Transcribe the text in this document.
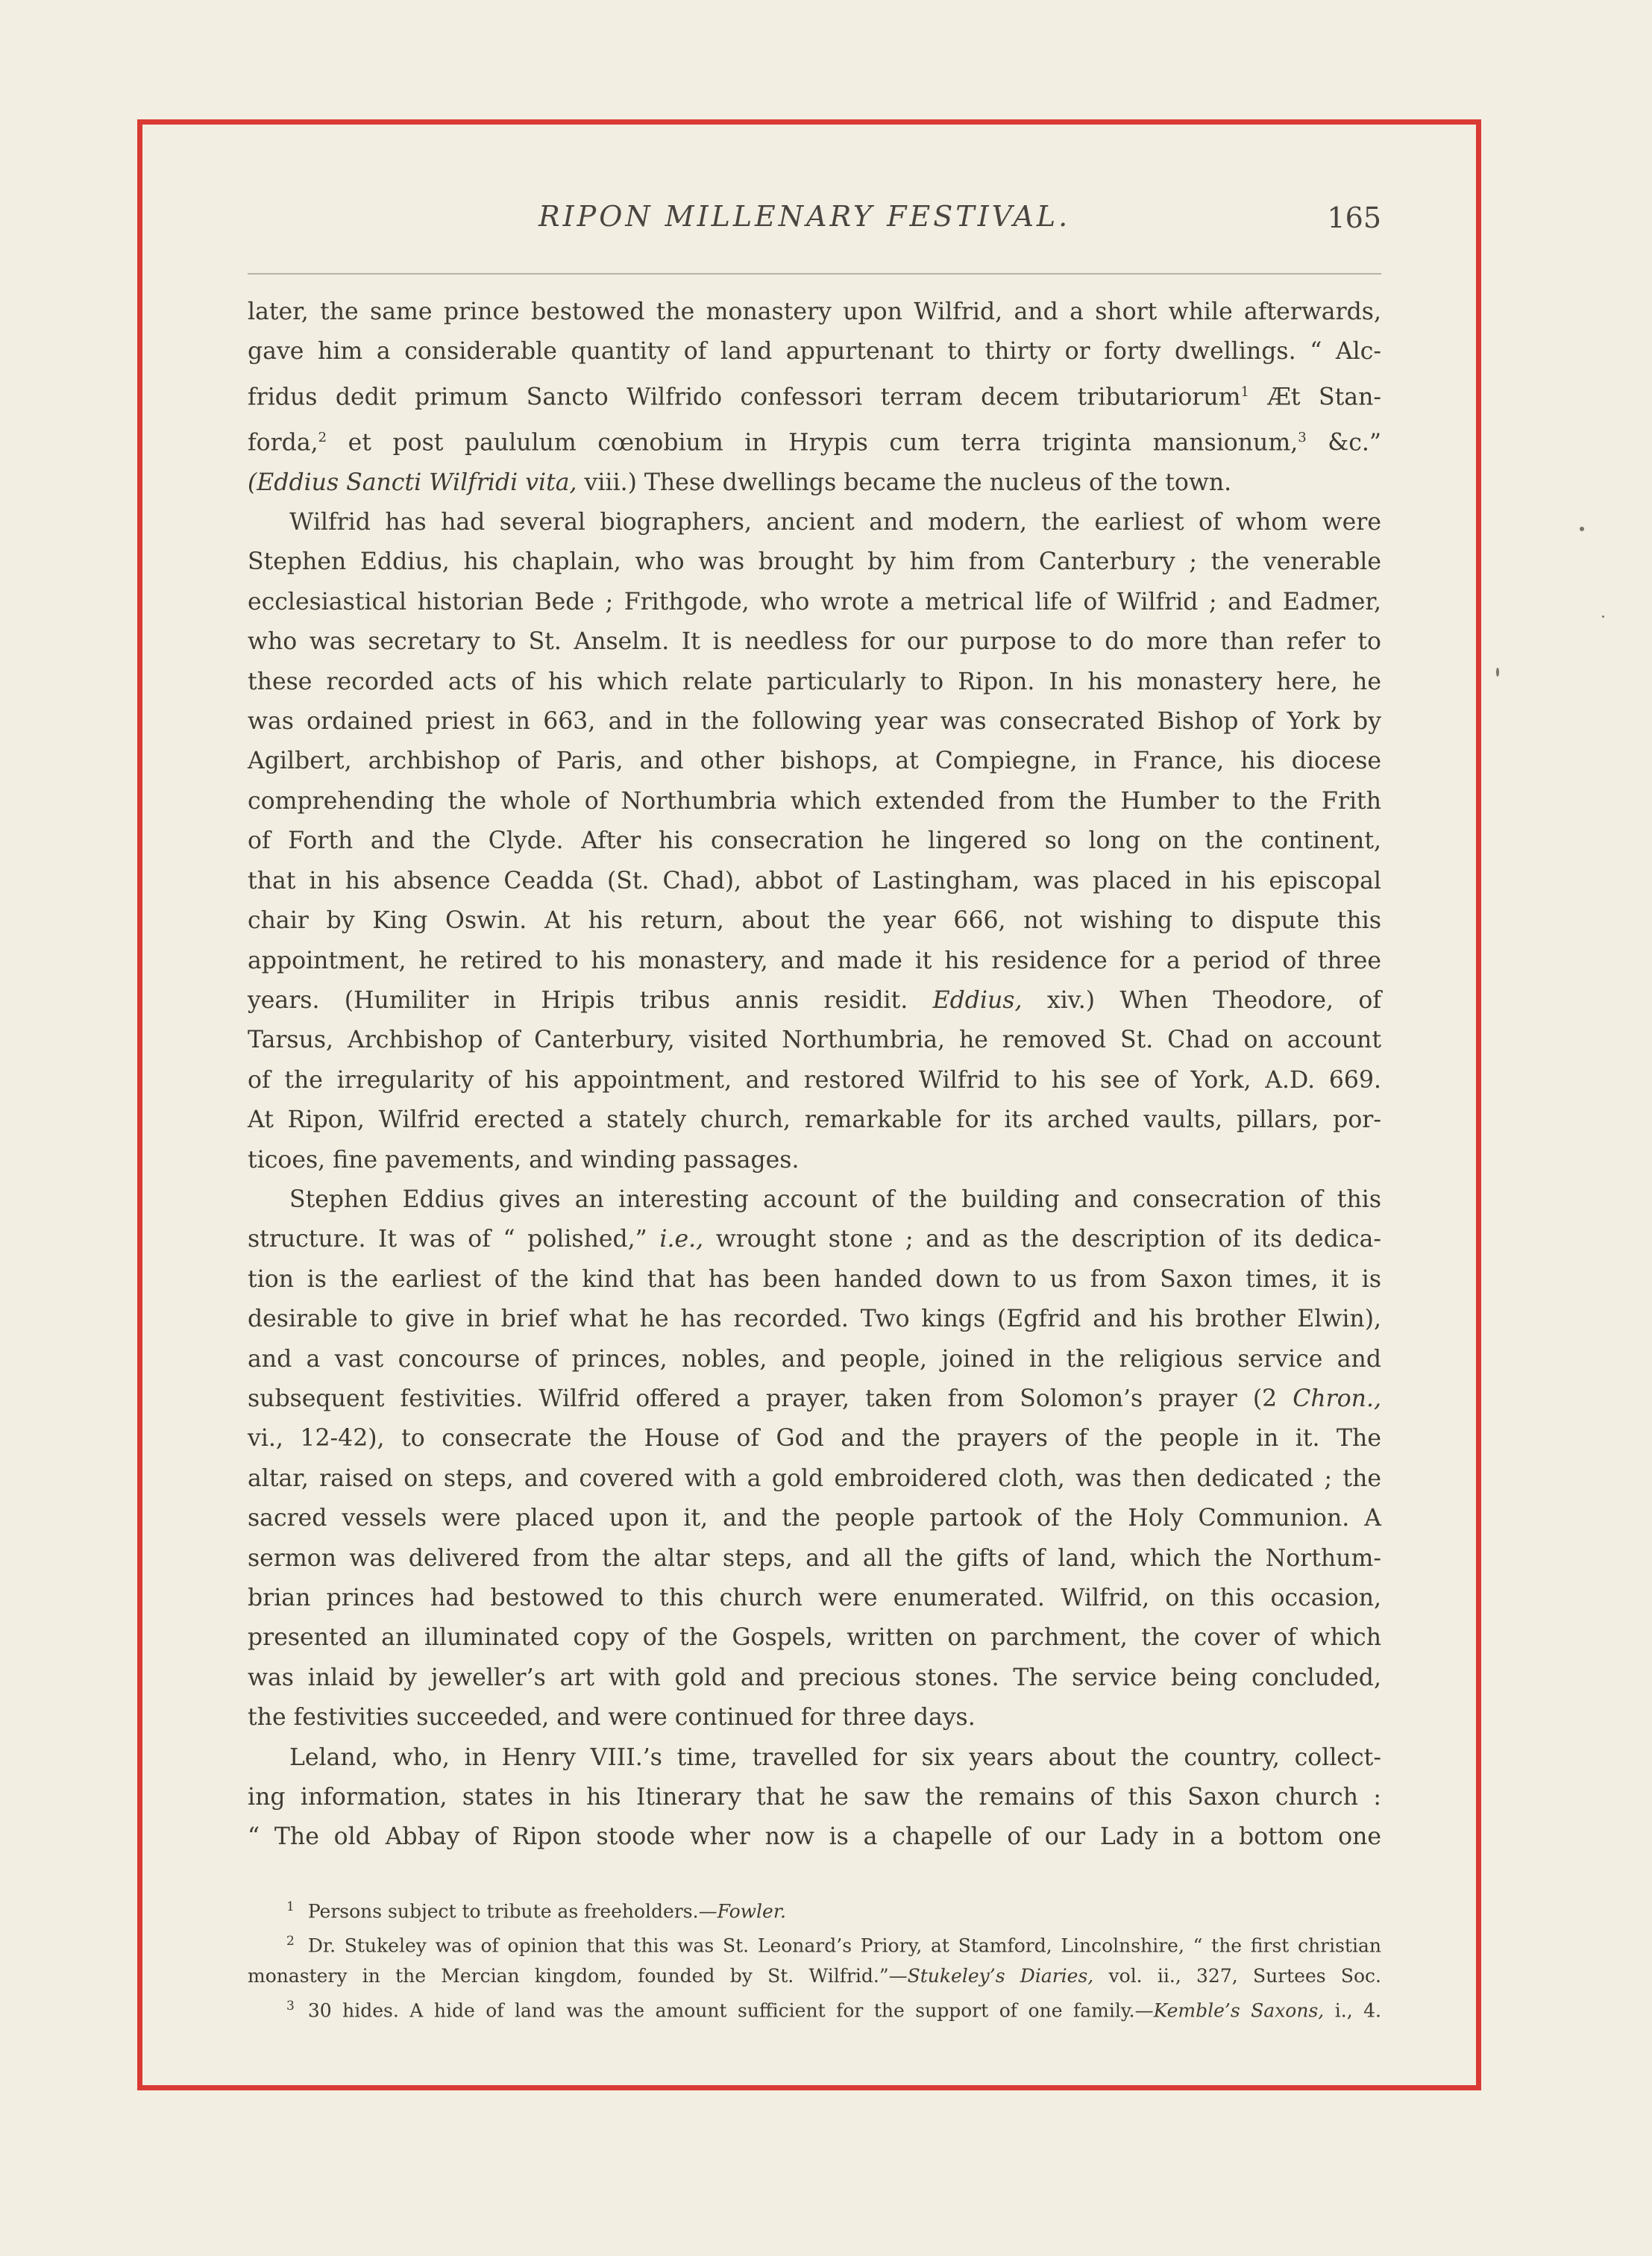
RIPON MILLENARY FESTIVAL.	165

later, the same prince bestowed the monastery upon Wilfrid, and a short while afterwards,
gave him a considerable quantity of land appurtenant to thirty or forty dwellings. “ Alc-
fridus dedit primum Sancto Wilfrido confessori terram decem tributariorum$^1$ Æt Stan-
forda,$^2$ et post paululum cœnobium in Hrypis cum terra triginta mansionum,$^3$ &c.”
(Eddius Sancti Wilfridi vita, viii.) These dwellings became the nucleus of the town.

Wilfrid has had several biographers, ancient and modern, the earliest of whom were
Stephen Eddius, his chaplain, who was brought by him from Canterbury ; the venerable
ecclesiastical historian Bede ; Frithgode, who wrote a metrical life of Wilfrid ; and Eadmer,
who was secretary to St. Anselm. It is needless for our purpose to do more than refer to
these recorded acts of his which relate particularly to Ripon. In his monastery here, he
was ordained priest in 663, and in the following year was consecrated Bishop of York by
Agilbert, archbishop of Paris, and other bishops, at Compiegne, in France, his diocese
comprehending the whole of Northumbria which extended from the Humber to the Frith
of Forth and the Clyde. After his consecration he lingered so long on the continent,
that in his absence Ceadda (St. Chad), abbot of Lastingham, was placed in his episcopal
chair by King Oswin. At his return, about the year 666, not wishing to dispute this
appointment, he retired to his monastery, and made it his residence for a period of three
years. (Humiliter in Hripis tribus annis residit. Eddius, xiv.) When Theodore, of
Tarsus, Archbishop of Canterbury, visited Northumbria, he removed St. Chad on account
of the irregularity of his appointment, and restored Wilfrid to his see of York, A.D. 669.
At Ripon, Wilfrid erected a stately church, remarkable for its arched vaults, pillars, por-
ticoes, fine pavements, and winding passages.

Stephen Eddius gives an interesting account of the building and consecration of this
structure. It was of “ polished,” i.e., wrought stone ; and as the description of its dedica-
tion is the earliest of the kind that has been handed down to us from Saxon times, it is
desirable to give in brief what he has recorded. Two kings (Egfrid and his brother Elwin),
and a vast concourse of princes, nobles, and people, joined in the religious service and
subsequent festivities. Wilfrid offered a prayer, taken from Solomon’s prayer (2 Chron.,
vi., 12-42), to consecrate the House of God and the prayers of the people in it. The
altar, raised on steps, and covered with a gold embroidered cloth, was then dedicated ; the
sacred vessels were placed upon it, and the people partook of the Holy Communion. A
sermon was delivered from the altar steps, and all the gifts of land, which the Northum-
brian princes had bestowed to this church were enumerated. Wilfrid, on this occasion,
presented an illuminated copy of the Gospels, written on parchment, the cover of which
was inlaid by jeweller’s art with gold and precious stones. The service being concluded,
the festivities succeeded, and were continued for three days.

Leland, who, in Henry VIII.’s time, travelled for six years about the country, collect-
ing information, states in his Itinerary that he saw the remains of this Saxon church :
“ The old Abbay of Ripon stoode wher now is a chapelle of our Lady in a bottom one

$^1$ Persons subject to tribute as freeholders.—Fowler.
$^2$ Dr. Stukeley was of opinion that this was St. Leonard’s Priory, at Stamford, Lincolnshire, “ the first christian
monastery in the Mercian kingdom, founded by St. Wilfrid.”—Stukeley’s Diaries, vol. ii., 327, Surtees Soc.
$^3$ 30 hides. A hide of land was the amount sufficient for the support of one family.—Kemble’s Saxons, i., 4.
